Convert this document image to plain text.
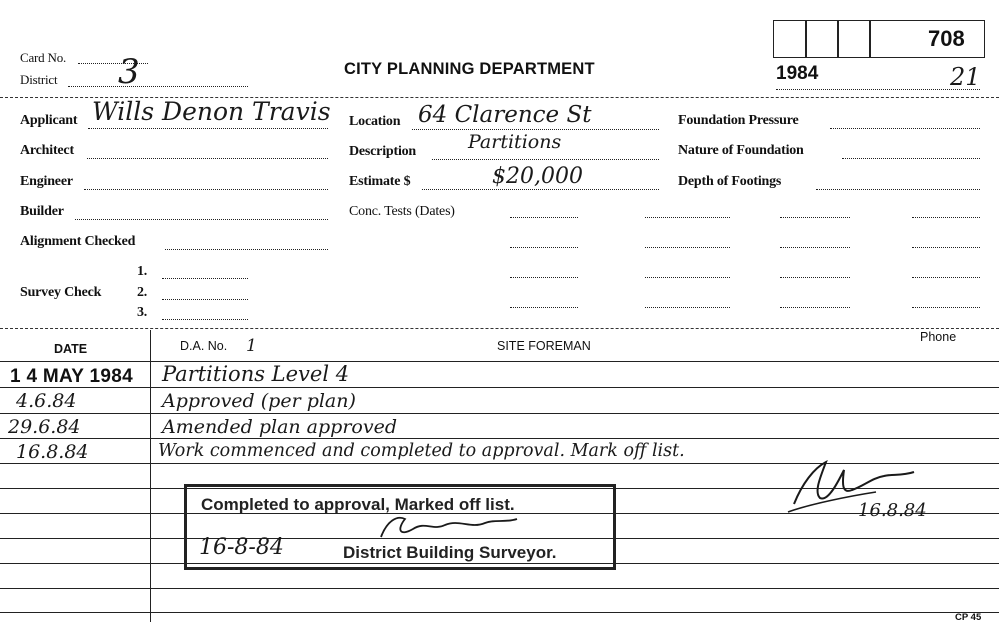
Card No.
District 3	CITY PLANNING DEPARTMENT
708
1984	21
Applicant Wills Denon Travis
Architect
Engineer
Builder
Alignment Checked
1.
Survey Check	2.
3.
Location 64 Clarence St
Description	Partitions
Estimate $	$20,000
Conc. Tests (Dates)
Foundation Pressure
Nature of Foundation
Depth of Footings
DATE	D.A. No. 1	SITE FOREMAN
Phone
1 4 MAY 1984 Partitions Level 4
4.6.84	Approved (per plan)
29.6.84	Amended plan approved
16.8.84	Work commenced and completed to approval. Mark off list.
16.8.84
Completed to approval, Marked off list.
16-8-84	District Building Surveyor.
CP 45
